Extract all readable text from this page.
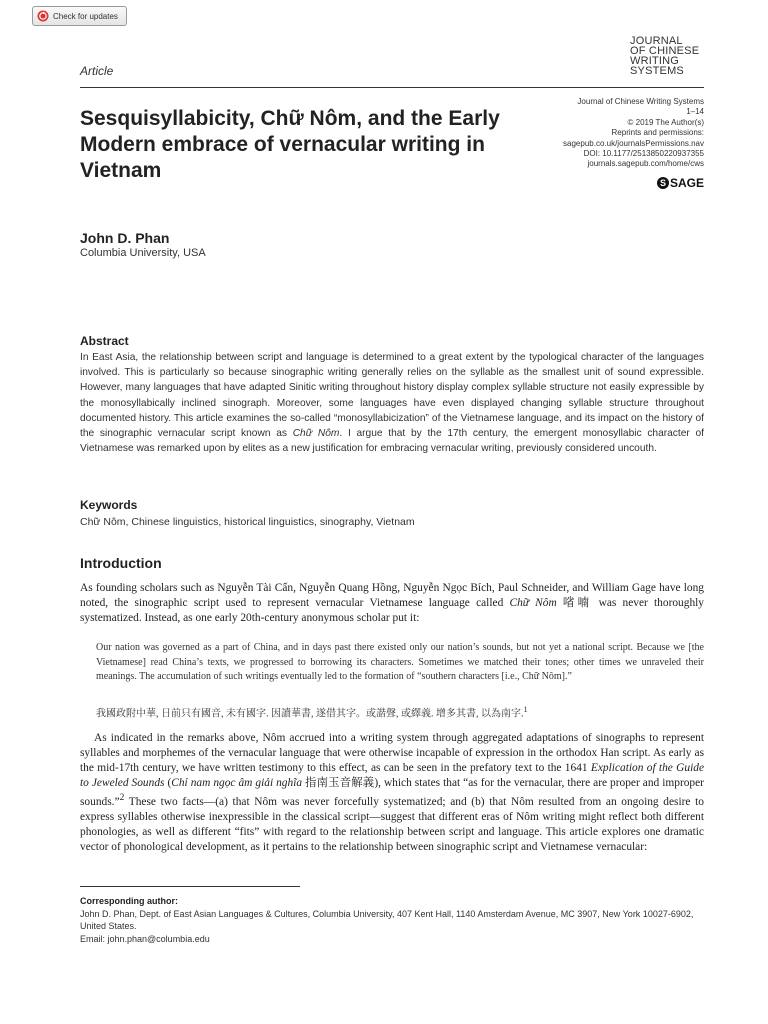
Check for updates
JOURNAL
OF CHINESE
WRITING
SYSTEMS
Article
Sesquisyllabicity, Chữ Nôm, and the Early Modern embrace of vernacular writing in Vietnam
Journal of Chinese Writing Systems
1–14
© 2019 The Author(s)
Reprints and permissions:
sagepub.co.uk/journalsPermissions.nav
DOI: 10.1177/2513850220937355
journals.sagepub.com/home/cws
S SAGE
John D. Phan
Columbia University, USA
Abstract
In East Asia, the relationship between script and language is determined to a great extent by the typological character of the languages involved. This is particularly so because sinographic writing generally relies on the syllable as the smallest unit of sound expressible. However, many languages that have adapted Sinitic writing throughout history display complex syllable structure not easily expressible by the monosyllabically inclined sinograph. Moreover, some languages have even displayed changing syllable structure throughout documented history. This article examines the so-called “monosyllabicization” of the Vietnamese language, and its impact on the history of the sinographic vernacular script known as Chữ Nôm. I argue that by the 17th century, the emergent monosyllabic character of Vietnamese was remarked upon by elites as a new justification for embracing vernacular writing, previously considered uncouth.
Keywords
Chữ Nôm, Chinese linguistics, historical linguistics, sinography, Vietnam
Introduction
As founding scholars such as Nguyễn Tài Cẩn, Nguyễn Quang Hồng, Nguyễn Ngọc Bích, Paul Schneider, and William Gage have long noted, the sinographic script used to represent vernacular Vietnamese language called Chữ Nôm 㗂喃 was never thoroughly systematized. Instead, as one early 20th-century anonymous scholar put it:
Our nation was governed as a part of China, and in days past there existed only our nation’s sounds, but not yet a national script. Because we [the Vietnamese] read China’s texts, we progressed to borrowing its characters. Sometimes we matched their tones; other times we unraveled their meanings. The accumulation of such writings eventually led to the formation of “southern characters [i.e., Chữ Nôm].”
我國政附中華, 日前只有國音, 未有國字. 因讀華書, 遂借其字。或諧聲, 或繹義. 增多其書, 以為南字.$^1$
As indicated in the remarks above, Nôm accrued into a writing system through aggregated adaptations of sinographs to represent syllables and morphemes of the vernacular language that were otherwise incapable of expression in the orthodox Han script. As early as the mid-17th century, we have written testimony to this effect, as can be seen in the prefatory text to the 1641 Explication of the Guide to Jeweled Sounds (Chỉ nam ngọc âm giải nghĩa 指南玉音解義), which states that “as for the vernacular, there are proper and improper sounds.”$^2$ These two facts—(a) that Nôm was never forcefully systematized; and (b) that Nôm resulted from an ongoing desire to express syllables otherwise inexpressible in the classical script—suggest that different eras of Nôm writing might reflect both different phonologies, as well as different “fits” with regard to the relationship between script and language. This article explores one dramatic vector of phonological development, as it pertains to the relationship between sinographic script and Vietnamese vernacular:
Corresponding author:
John D. Phan, Dept. of East Asian Languages & Cultures, Columbia University, 407 Kent Hall, 1140 Amsterdam Avenue, MC 3907, New York 10027-6902, United States.
Email: john.phan@columbia.edu
